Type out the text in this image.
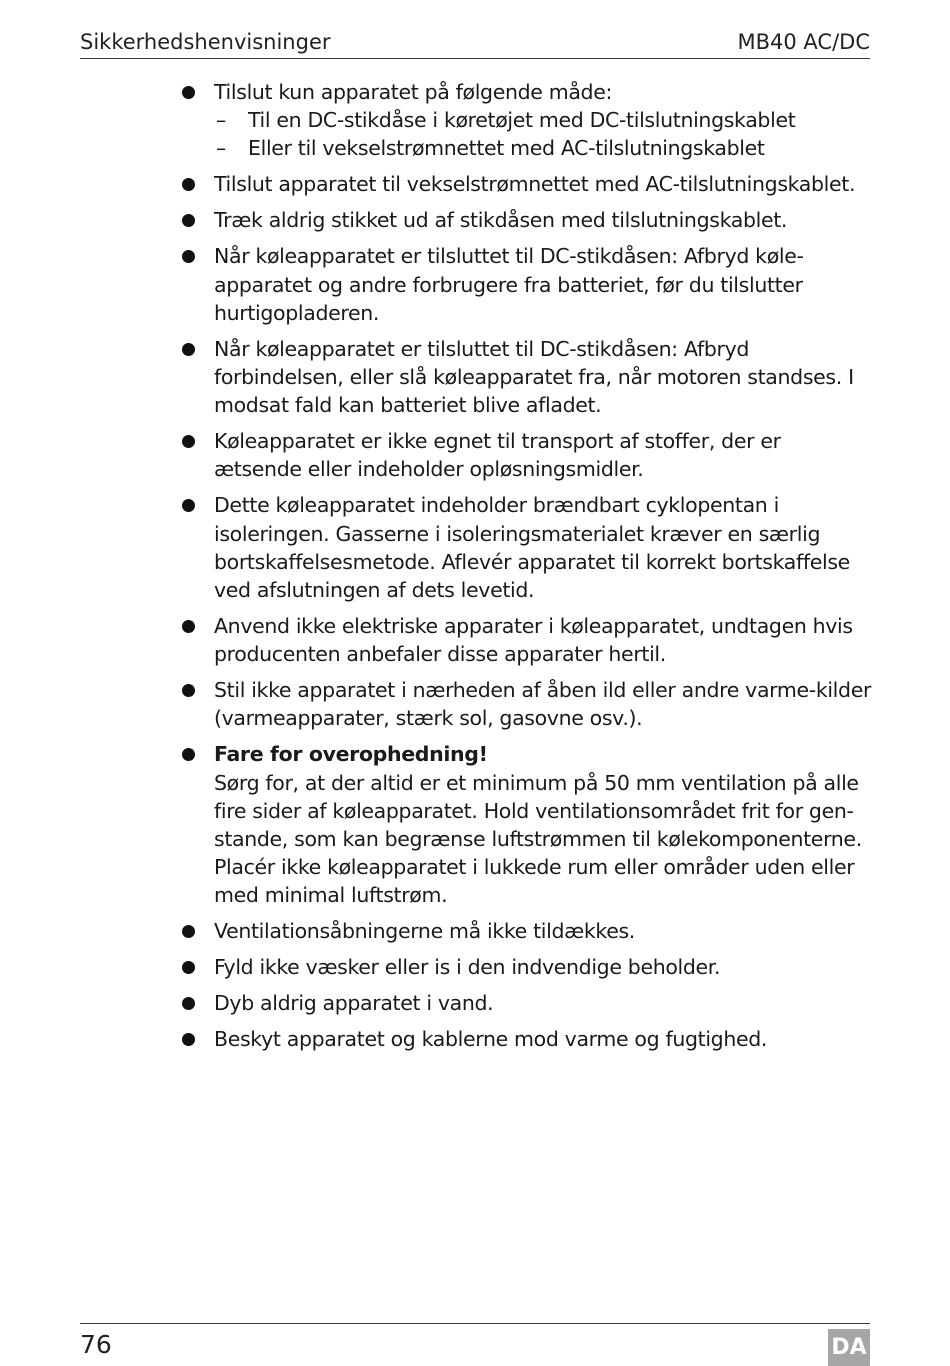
Sikkerhedshenvisninger	MB40 AC/DC
Tilslut kun apparatet på følgende måde:
– Til en DC-stikdåse i køretøjet med DC-tilslutningskablet
– Eller til vekselstrømnettet med AC-tilslutningskablet
Tilslut apparatet til vekselstrømnettet med AC-tilslutningskablet.
Træk aldrig stikket ud af stikdåsen med tilslutningskablet.
Når køleapparatet er tilsluttet til DC-stikdåsen: Afbryd køle-apparatet og andre forbrugere fra batteriet, før du tilslutter hurtigopladeren.
Når køleapparatet er tilsluttet til DC-stikdåsen: Afbryd forbindelsen, eller slå køleapparatet fra, når motoren standses. I modsat fald kan batteriet blive afladet.
Køleapparatet er ikke egnet til transport af stoffer, der er ætsende eller indeholder opløsningsmidler.
Dette køleapparatet indeholder brændbart cyklopentan i isoleringen. Gasserne i isoleringsmaterialet kræver en særlig bortskaffelsesmetode. Aflevér apparatet til korrekt bortskaffelse ved afslutningen af dets levetid.
Anvend ikke elektriske apparater i køleapparatet, undtagen hvis producenten anbefaler disse apparater hertil.
Stil ikke apparatet i nærheden af åben ild eller andre varme-kilder (varmeapparater, stærk sol, gasovne osv.).
Fare for overophedning!
Sørg for, at der altid er et minimum på 50 mm ventilation på alle fire sider af køleapparatet. Hold ventilationsområdet frit for gen-stande, som kan begrænse luftstrømmen til kølekomponenterne. Placér ikke køleapparatet i lukkede rum eller områder uden eller med minimal luftstrøm.
Ventilationsåbningerne må ikke tildækkes.
Fyld ikke væsker eller is i den indvendige beholder.
Dyb aldrig apparatet i vand.
Beskyt apparatet og kablerne mod varme og fugtighed.
76	DA
